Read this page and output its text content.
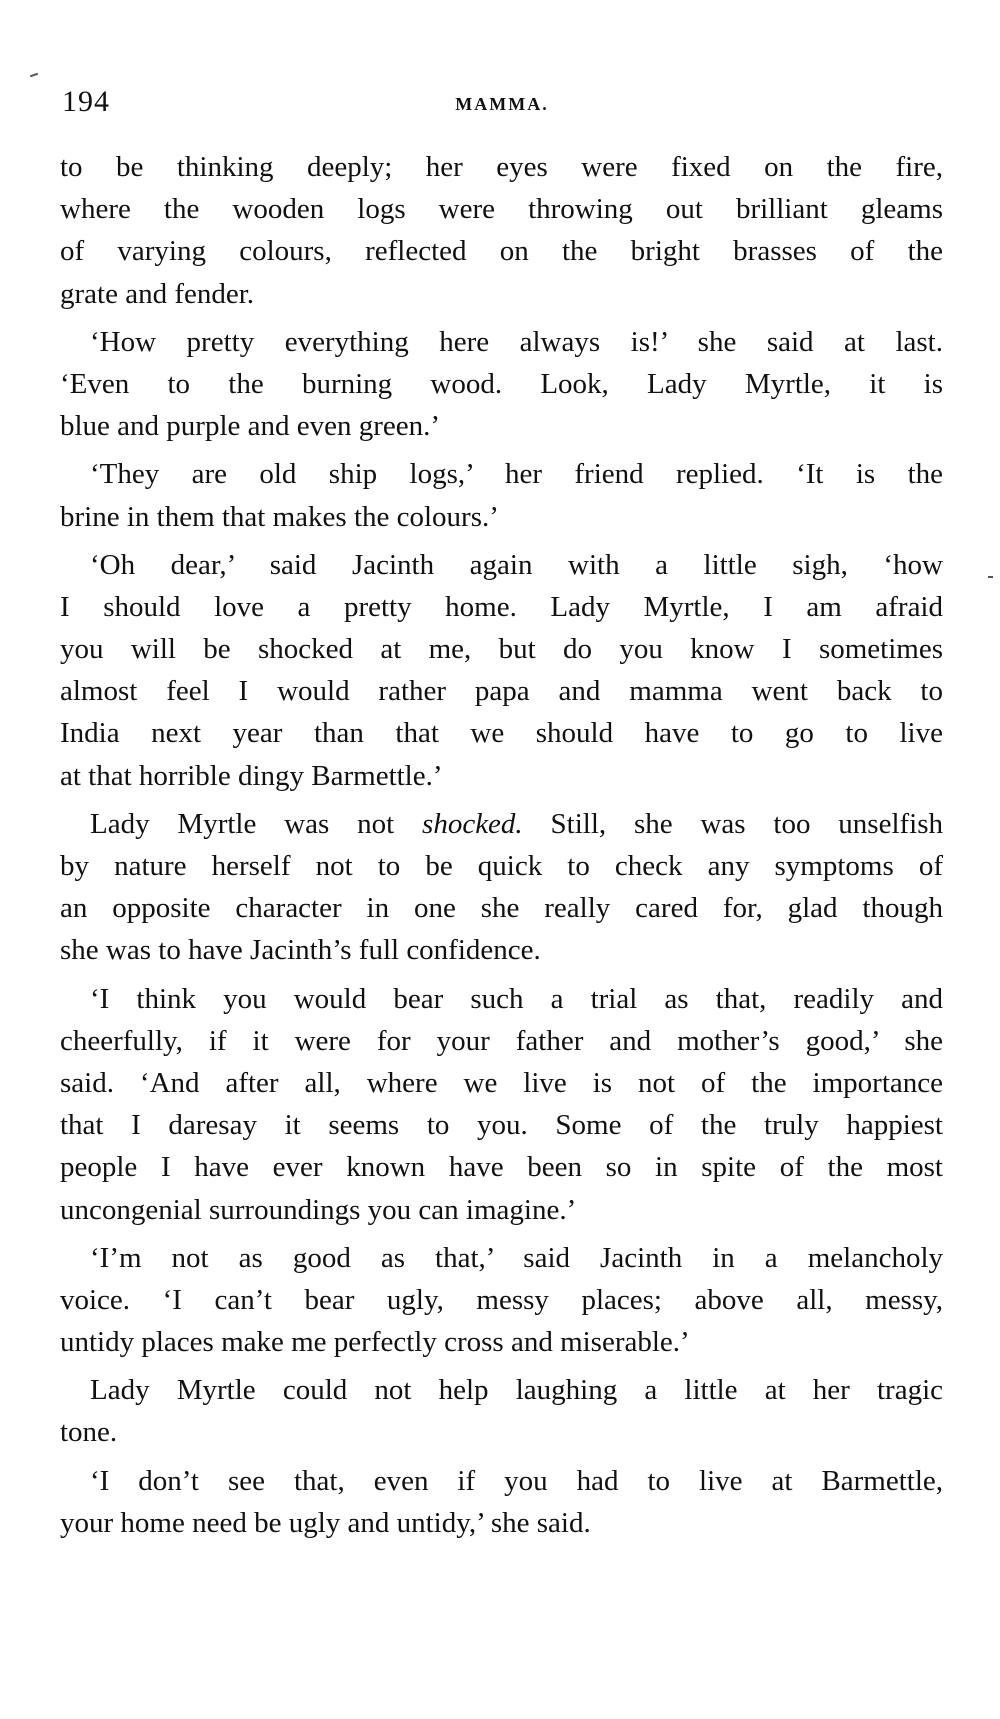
194	MAMMA.
to be thinking deeply; her eyes were fixed on the fire,
where the wooden logs were throwing out brilliant gleams
of varying colours, reflected on the bright brasses of the
grate and fender.
‘How pretty everything here always is!’ she said at last.
‘Even to the burning wood. Look, Lady Myrtle, it is
blue and purple and even green.’
‘They are old ship logs,’ her friend replied. ‘It is the
brine in them that makes the colours.’
‘Oh dear,’ said Jacinth again with a little sigh, ‘how
I should love a pretty home. Lady Myrtle, I am afraid
you will be shocked at me, but do you know I sometimes
almost feel I would rather papa and mamma went back to
India next year than that we should have to go to live
at that horrible dingy Barmettle.’
Lady Myrtle was not shocked. Still, she was too unselfish
by nature herself not to be quick to check any symptoms of
an opposite character in one she really cared for, glad though
she was to have Jacinth’s full confidence.
‘I think you would bear such a trial as that, readily and
cheerfully, if it were for your father and mother’s good,’ she
said. ‘And after all, where we live is not of the importance
that I daresay it seems to you. Some of the truly happiest
people I have ever known have been so in spite of the most
uncongenial surroundings you can imagine.’
‘I’m not as good as that,’ said Jacinth in a melancholy
voice. ‘I can’t bear ugly, messy places; above all, messy,
untidy places make me perfectly cross and miserable.’
Lady Myrtle could not help laughing a little at her tragic
tone.
‘I don’t see that, even if you had to live at Barmettle,
your home need be ugly and untidy,’ she said.
